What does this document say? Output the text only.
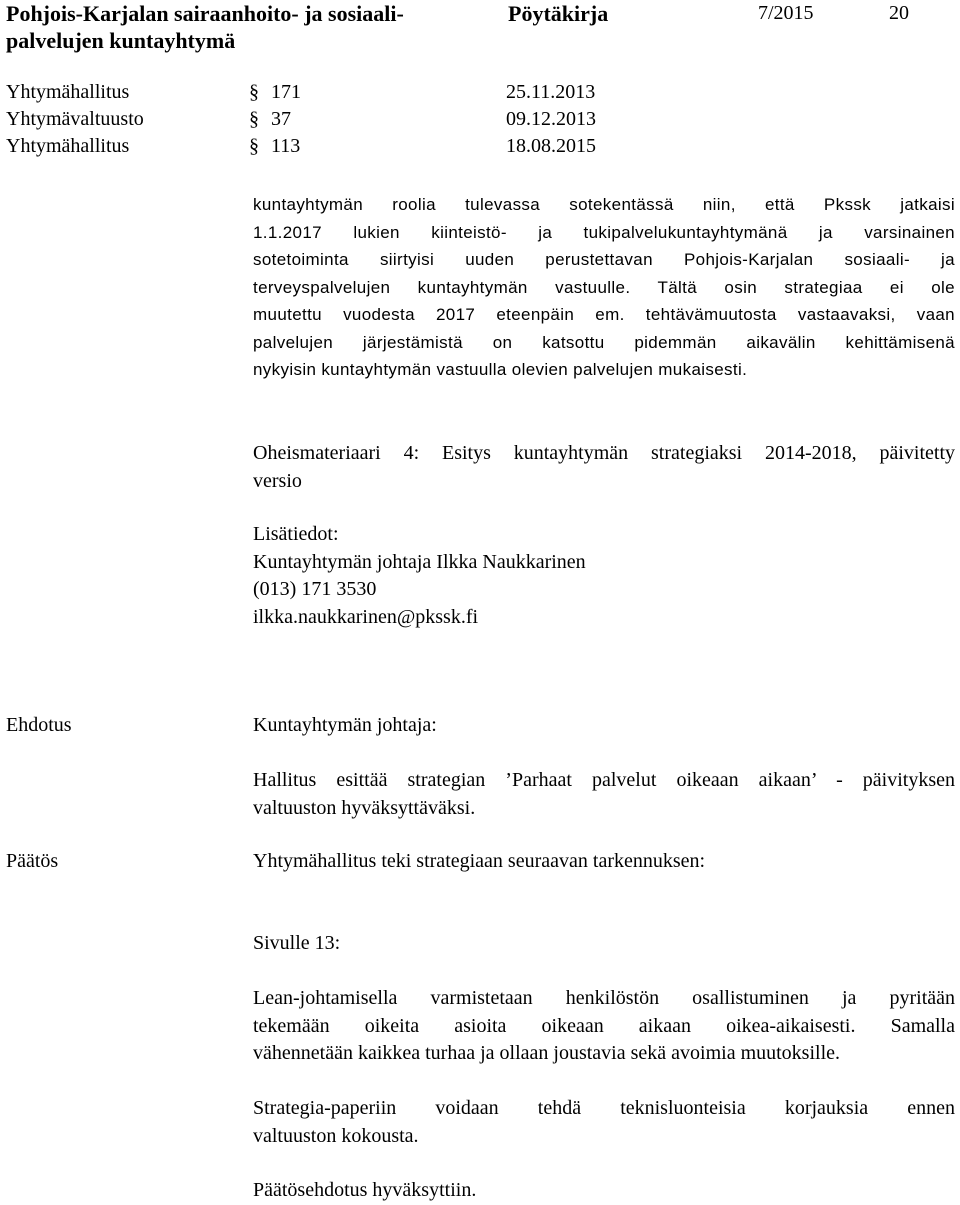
Pohjois-Karjalan sairaanhoito- ja sosiaali-
palvelujen kuntayhtymä
Pöytäkirja	7/2015	20
Yhtymähallitus	§ 171	25.11.2013
Yhtymävaltuusto	§ 37	09.12.2013
Yhtymähallitus	§ 113	18.08.2015
kuntayhtymän roolia tulevassa sotekentässä niin, että Pkssk jatkaisi
1.1.2017 lukien kiinteistö- ja tukipalvelukuntayhtymänä ja varsinainen
sotetoiminta siirtyisi uuden perustettavan Pohjois-Karjalan sosiaali- ja
terveyspalvelujen kuntayhtymän vastuulle. Tältä osin strategiaa ei ole
muutettu vuodesta 2017 eteenpäin em. tehtävämuutosta vastaavaksi, vaan
palvelujen järjestämistä on katsottu pidemmän aikavälin kehittämisenä
nykyisin kuntayhtymän vastuulla olevien palvelujen mukaisesti.
Oheismateriaari 4: Esitys kuntayhtymän strategiaksi 2014-2018, päivitetty
versio
Lisätiedot:
Kuntayhtymän johtaja Ilkka Naukkarinen
(013) 171 3530
ilkka.naukkarinen@pkssk.fi
Ehdotus	Kuntayhtymän johtaja:
Hallitus esittää strategian ’Parhaat palvelut oikeaan aikaan’ - päivityksen
valtuuston hyväksyttäväksi.
Päätös	Yhtymähallitus teki strategiaan seuraavan tarkennuksen:
Sivulle 13:
Lean-johtamisella varmistetaan henkilöstön osallistuminen ja pyritään
tekemään oikeita asioita oikeaan aikaan oikea-aikaisesti. Samalla
vähennetään kaikkea turhaa ja ollaan joustavia sekä avoimia muutoksille.
Strategia-paperiin voidaan tehdä teknisluonteisia korjauksia ennen
valtuuston kokousta.
Päätösehdotus hyväksyttiin.
